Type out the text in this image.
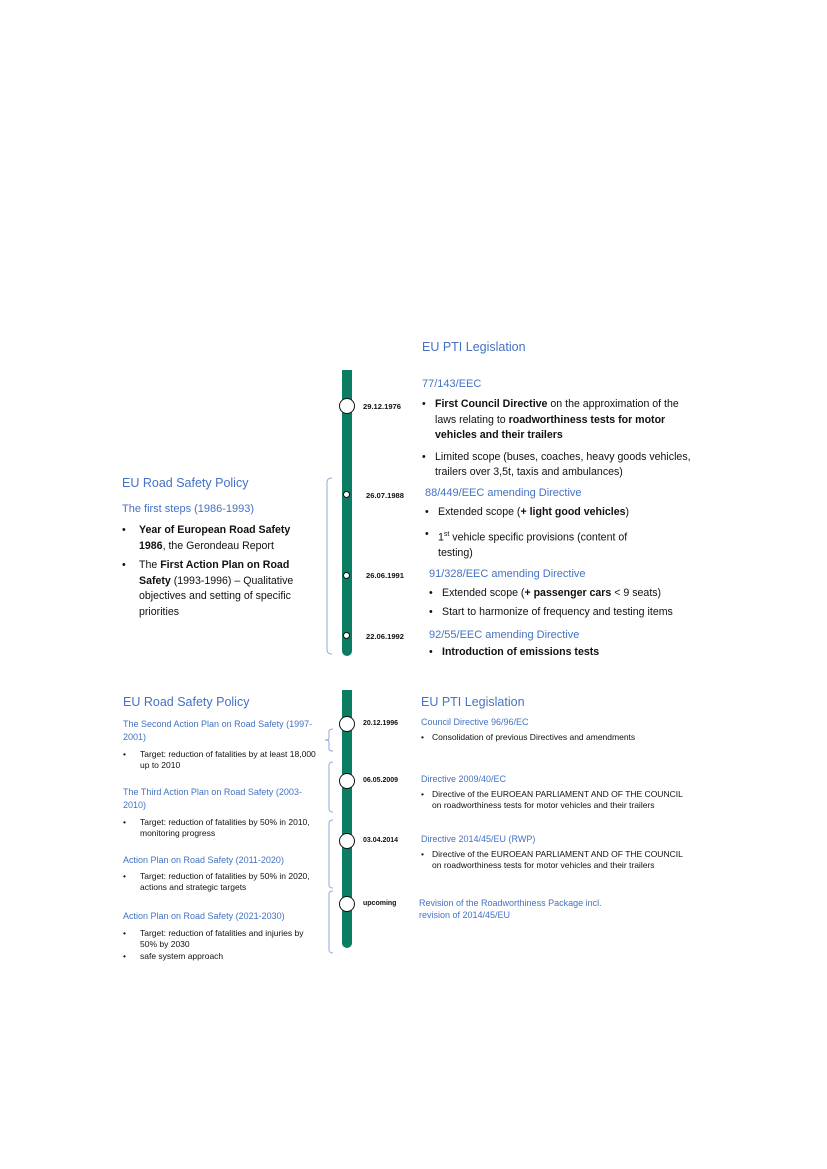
EU PTI Legislation
29.12.1976
26.07.1988
26.06.1991
22.06.1992
77/143/EEC
• First Council Directive on the approximation of the laws relating to roadworthiness tests for motor vehicles and their trailers
• Limited scope (buses, coaches, heavy goods vehicles, trailers over 3,5t, taxis and ambulances)
88/449/EEC amending Directive
• Extended scope (+ light good vehicles)
• 1st vehicle specific provisions (content of testing)
91/328/EEC amending Directive
• Extended scope (+ passenger cars < 9 seats)
• Start to harmonize of frequency and testing items
92/55/EEC amending Directive
• Introduction of emissions tests
EU Road Safety Policy
The first steps (1986-1993)
• Year of European Road Safety 1986, the Gerondeau Report
• The First Action Plan on Road Safety (1993-1996) – Qualitative objectives and setting of specific priorities
EU Road Safety Policy	EU PTI Legislation
20.12.1996
06.05.2009
03.04.2014
upcoming
The Second Action Plan on Road Safety (1997-2001)
• Target: reduction of fatalities by at least 18,000 up to 2010
The Third Action Plan on Road Safety (2003-2010)
• Target: reduction of fatalities by 50% in 2010, monitoring progress
Action Plan on Road Safety (2011-2020)
• Target: reduction of fatalities by 50% in 2020, actions and strategic targets
Action Plan on Road Safety (2021-2030)
• Target: reduction of fatalities and injuries by 50% by 2030
• safe system approach
Council Directive 96/96/EC
• Consolidation of previous Directives and amendments
Directive 2009/40/EC
• Directive of the EUROEAN PARLIAMENT AND OF THE COUNCIL on roadworthiness tests for motor vehicles and their trailers
Directive 2014/45/EU (RWP)
• Directive of the EUROEAN PARLIAMENT AND OF THE COUNCIL on roadworthiness tests for motor vehicles and their trailers
Revision of the Roadworthiness Package incl. revision of 2014/45/EU
